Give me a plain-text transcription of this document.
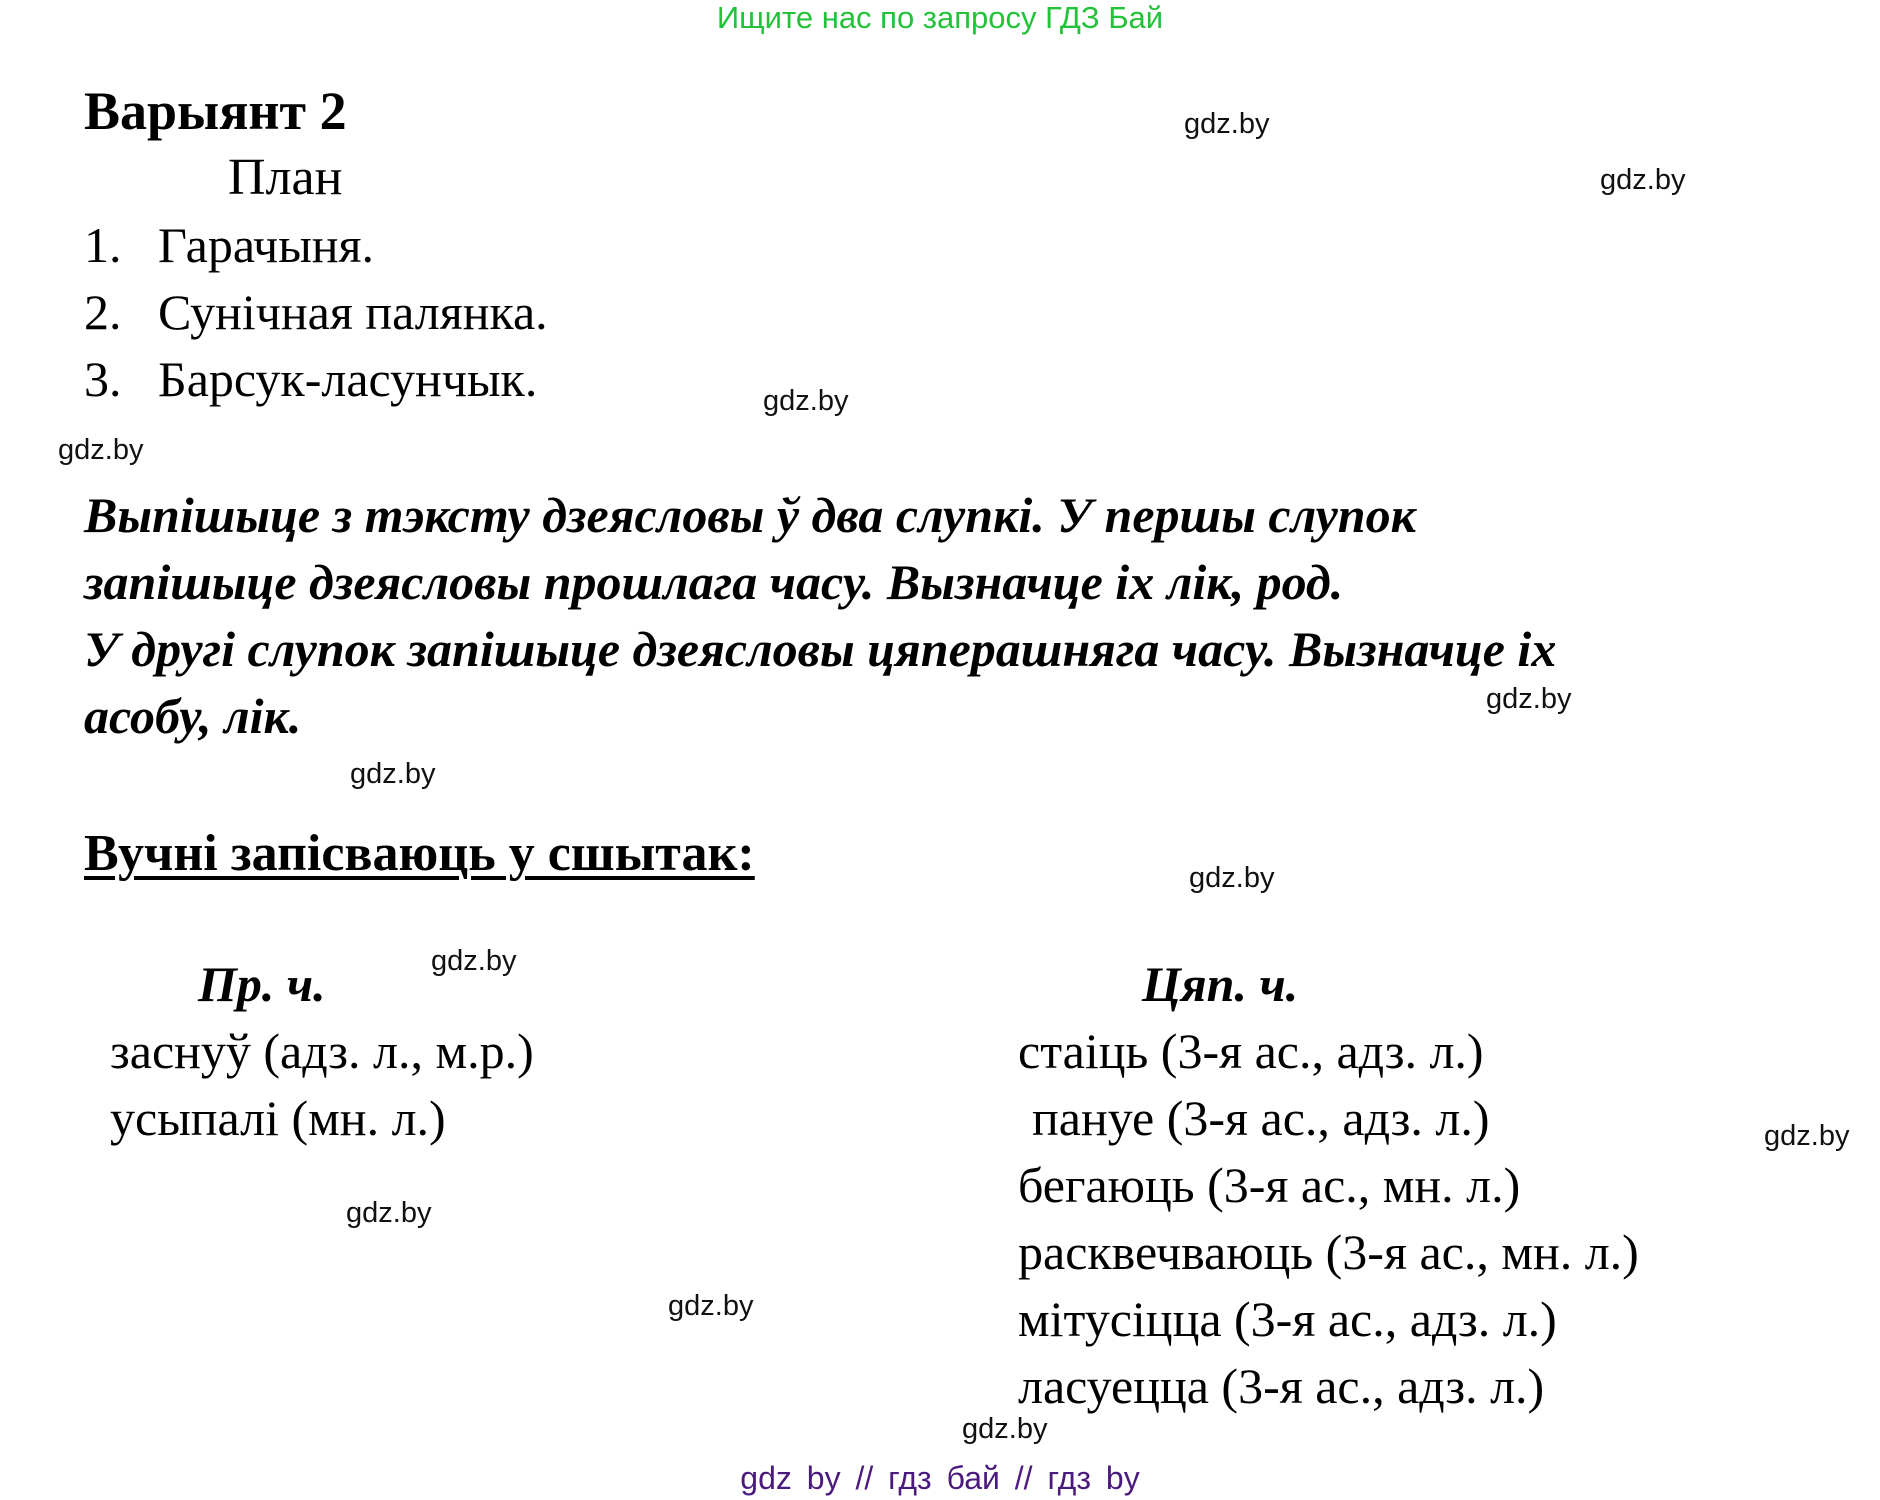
Ищите нас по запросу ГДЗ Бай
Варыянт 2
План
1. Гарачыня.
2. Сунічная палянка.
3. Барсук-ласунчык.
Выпішыце з тэксту дзеясловы ў два слупкі. У першы слупок
запішыце дзеясловы прошлага часу. Вызначце іх лік, род.
У другі слупок запішыце дзеясловы цяперашняга часу. Вызначце іх
асобу, лік.
Вучні запісваюць у сшытак:
Пр. ч.
заснуў (адз. л., м.р.)
усыпалі (мн. л.)
Цяп. ч.
стаіць (3-я ас., адз. л.)
пануе (3-я ас., адз. л.)
бегаюць (3-я ас., мн. л.)
расквечваюць (3-я ас., мн. л.)
мітусіцца (3-я ас., адз. л.)
ласуецца (3-я ас., адз. л.)
gdz.by
gdz.by
gdz.by
gdz.by
gdz.by
gdz.by
gdz.by
gdz.by
gdz.by
gdz.by
gdz.by
gdz.by
gdz by // гдз бай // гдз by
